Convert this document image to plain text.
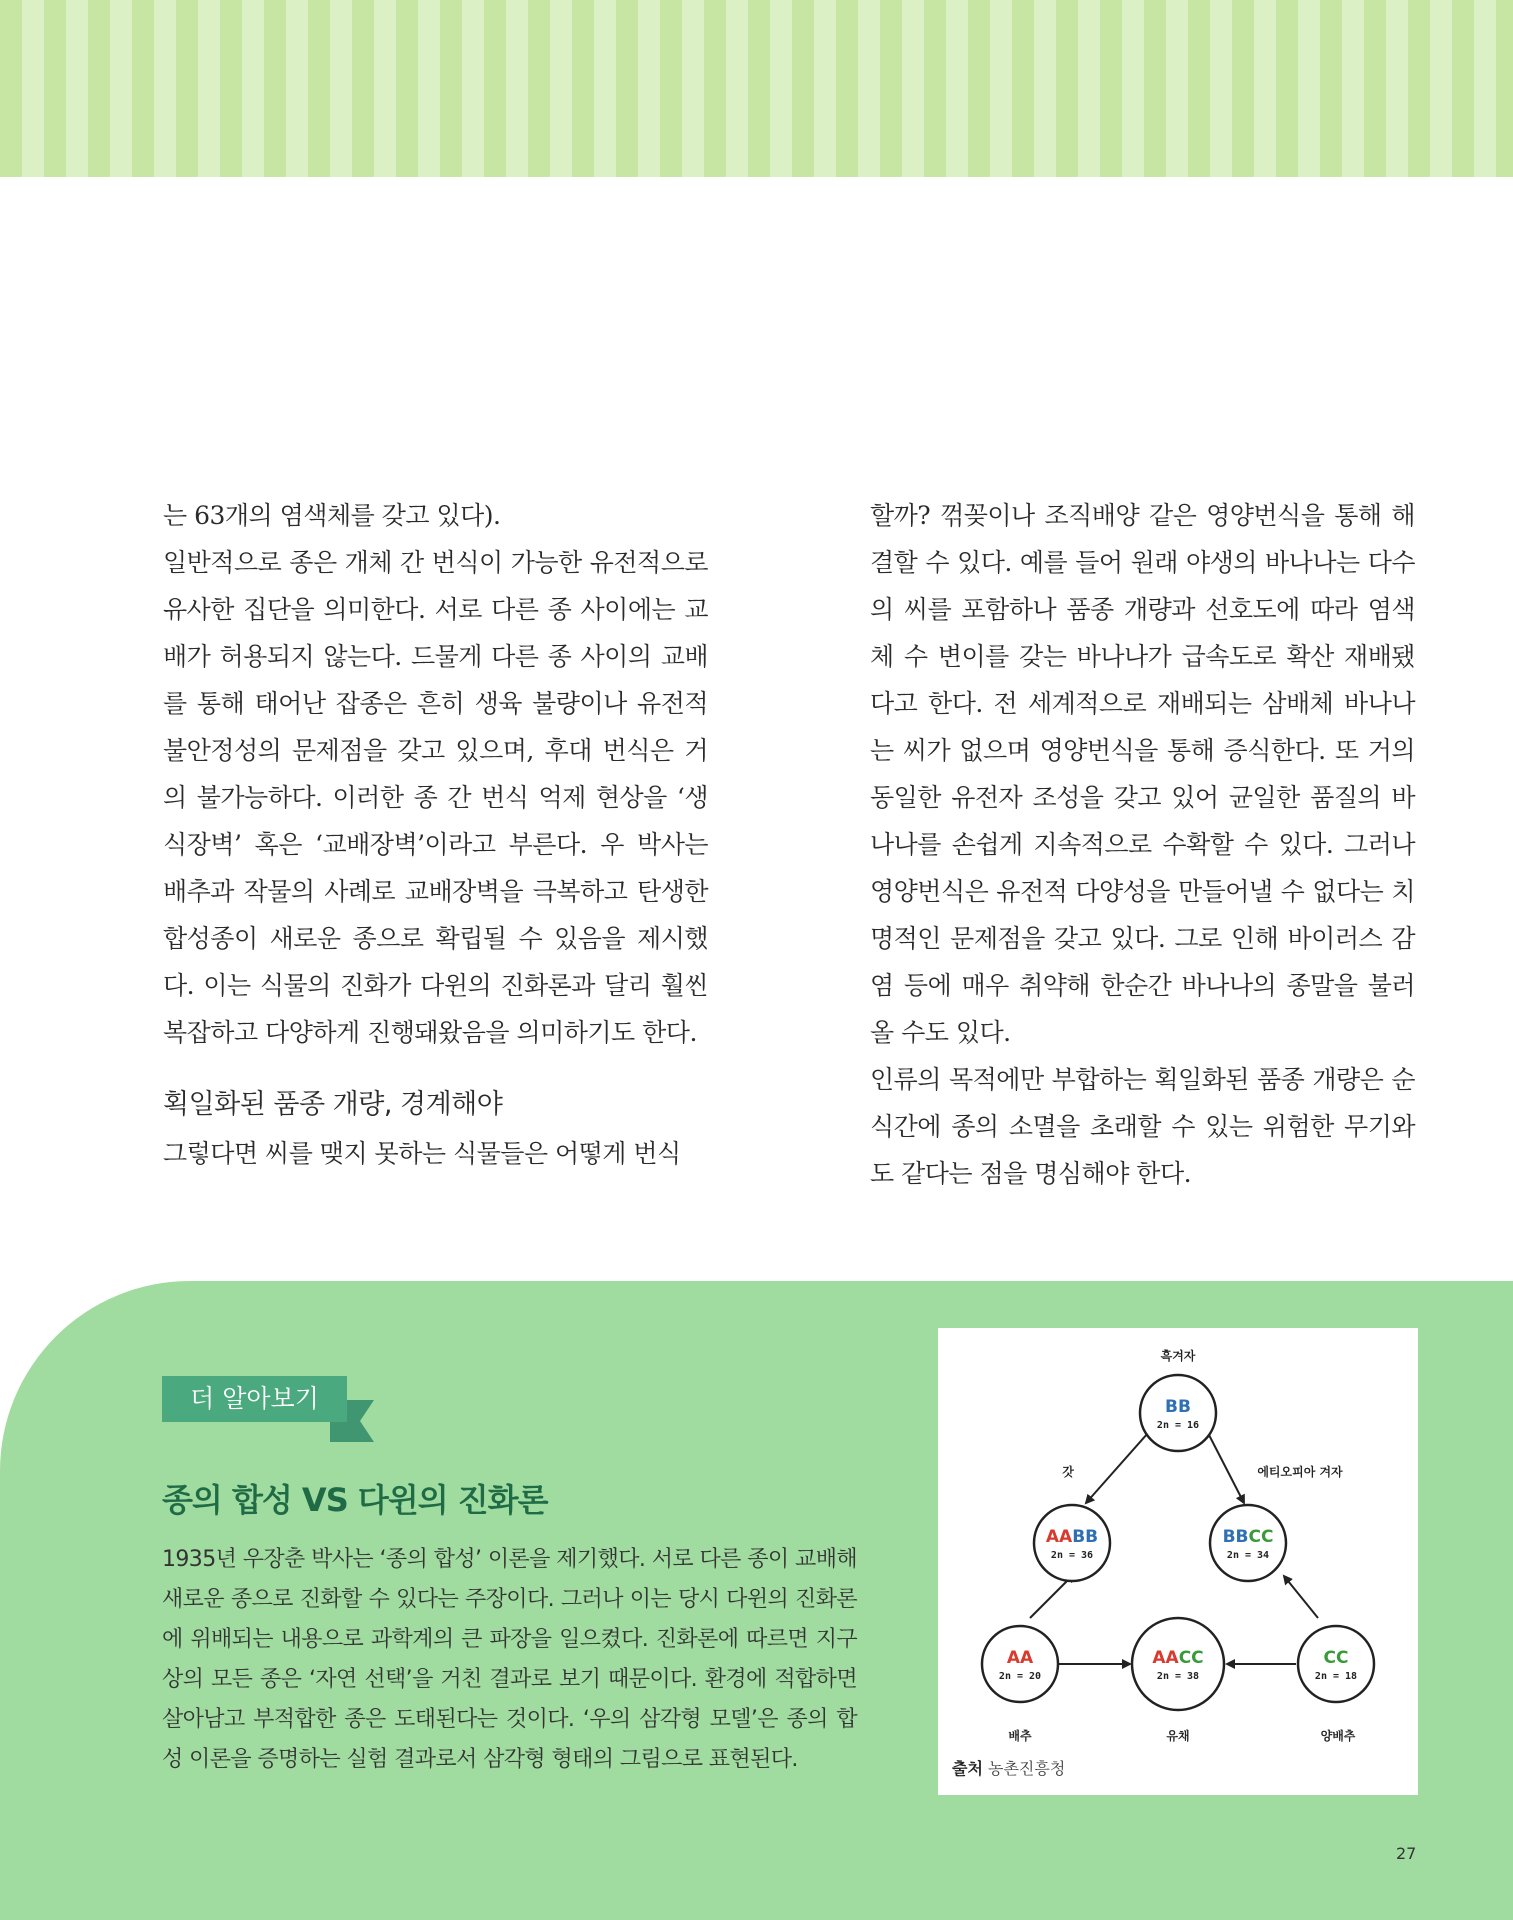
는 63개의 염색체를 갖고 있다).

일반적으로 종은 개체 간 번식이 가능한 유전적으로 유사한 집단을 의미한다. 서로 다른 종 사이에는 교배가 허용되지 않는다. 드물게 다른 종 사이의 교배를 통해 태어난 잡종은 흔히 생육 불량이나 유전적 불안정성의 문제점을 갖고 있으며, 후대 번식은 거의 불가능하다. 이러한 종 간 번식 억제 현상을 ‘생식장벽’ 혹은 ‘교배장벽’이라고 부른다. 우 박사는 배추과 작물의 사례로 교배장벽을 극복하고 탄생한 합성종이 새로운 종으로 확립될 수 있음을 제시했다. 이는 식물의 진화가 다윈의 진화론과 달리 훨씬 복잡하고 다양하게 진행돼왔음을 의미하기도 한다.

획일화된 품종 개량, 경계해야

그렇다면 씨를 맺지 못하는 식물들은 어떻게 번식

할까? 꺾꽂이나 조직배양 같은 영양번식을 통해 해결할 수 있다. 예를 들어 원래 야생의 바나나는 다수의 씨를 포함하나 품종 개량과 선호도에 따라 염색체 수 변이를 갖는 바나나가 급속도로 확산 재배됐다고 한다. 전 세계적으로 재배되는 삼배체 바나나는 씨가 없으며 영양번식을 통해 증식한다. 또 거의 동일한 유전자 조성을 갖고 있어 균일한 품질의 바나나를 손쉽게 지속적으로 수확할 수 있다. 그러나 영양번식은 유전적 다양성을 만들어낼 수 없다는 치명적인 문제점을 갖고 있다. 그로 인해 바이러스 감염 등에 매우 취약해 한순간 바나나의 종말을 불러올 수도 있다.

인류의 목적에만 부합하는 획일화된 품종 개량은 순식간에 종의 소멸을 초래할 수 있는 위험한 무기와도 같다는 점을 명심해야 한다.

더 알아보기
종의 합성 VS 다윈의 진화론
1935년 우장춘 박사는 ‘종의 합성’ 이론을 제기했다. 서로 다른 종이 교배해 새로운 종으로 진화할 수 있다는 주장이다. 그러나 이는 당시 다윈의 진화론에 위배되는 내용으로 과학계의 큰 파장을 일으켰다. 진화론에 따르면 지구상의 모든 종은 ‘자연 선택’을 거친 결과로 보기 때문이다. 환경에 적합하면 살아남고 부적합한 종은 도태된다는 것이다. ‘우의 삼각형 모델’은 종의 합성 이론을 증명하는 실험 결과로서 삼각형 형태의 그림으로 표현된다.
흑겨자
갓	에티오피아 겨자
배추	유채	양배추
BB
2n = 16
AABB
2n = 36
BBCC
2n = 34
AA
2n = 20
AACC
2n = 38
CC
2n = 18
출처 농촌진흥청
27
